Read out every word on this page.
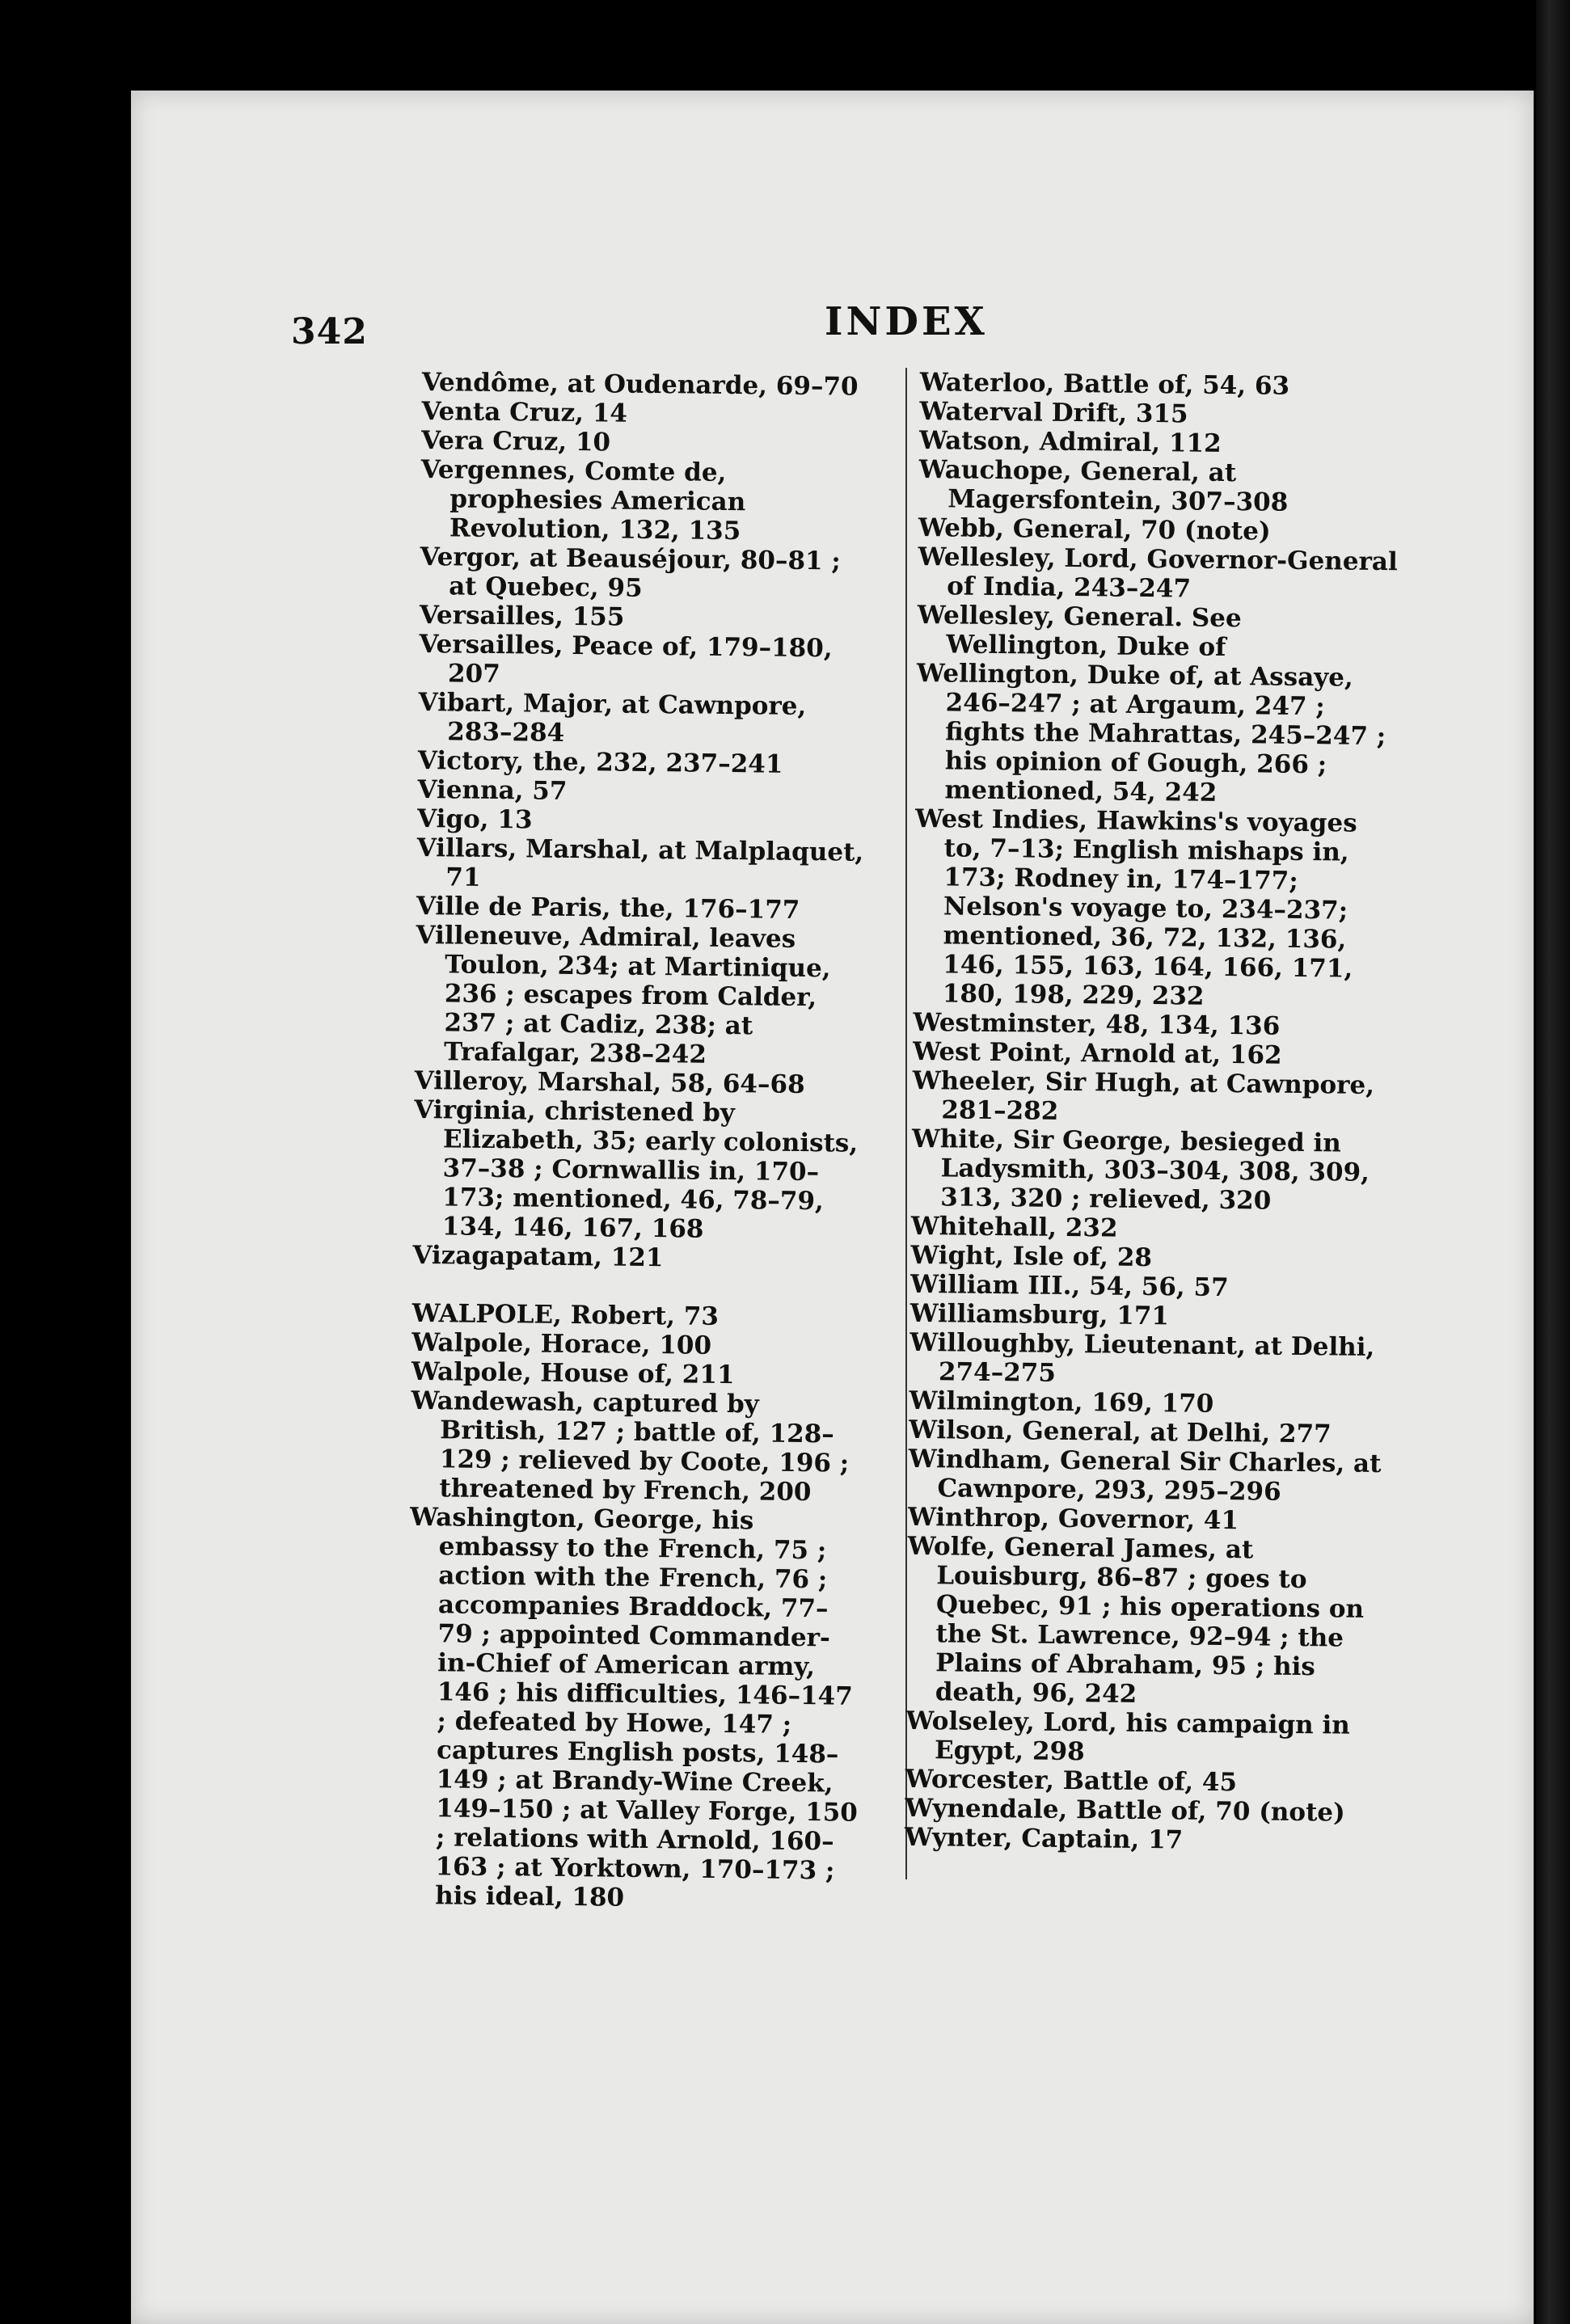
342	INDEX
Vendôme, at Oudenarde, 69–70
Venta Cruz, 14
Vera Cruz, 10
Vergennes, Comte de, prophesies American Revolution, 132, 135
Vergor, at Beauséjour, 80–81 ; at Quebec, 95
Versailles, 155
Versailles, Peace of, 179–180, 207
Vibart, Major, at Cawnpore, 283–284
Victory, the, 232, 237–241
Vienna, 57
Vigo, 13
Villars, Marshal, at Malplaquet, 71
Ville de Paris, the, 176–177
Villeneuve, Admiral, leaves Toulon, 234; at Martinique, 236 ; escapes from Calder, 237 ; at Cadiz, 238; at Trafalgar, 238–242
Villeroy, Marshal, 58, 64–68
Virginia, christened by Elizabeth, 35; early colonists, 37–38 ; Cornwallis in, 170–173; mentioned, 46, 78–79, 134, 146, 167, 168
Vizagapatam, 121
WALPOLE, Robert, 73
Walpole, Horace, 100
Walpole, House of, 211
Wandewash, captured by British, 127 ; battle of, 128–129 ; relieved by Coote, 196 ; threatened by French, 200
Washington, George, his embassy to the French, 75 ; action with the French, 76 ; accompanies Braddock, 77–79 ; appointed Commander-in-Chief of American army, 146 ; his difficulties, 146–147 ; defeated by Howe, 147 ; captures English posts, 148–149 ; at Brandy-Wine Creek, 149–150 ; at Valley Forge, 150 ; relations with Arnold, 160–163 ; at Yorktown, 170–173 ; his ideal, 180
Waterloo, Battle of, 54, 63
Waterval Drift, 315
Watson, Admiral, 112
Wauchope, General, at Magersfontein, 307–308
Webb, General, 70 (note)
Wellesley, Lord, Governor-General of India, 243–247
Wellesley, General. See Wellington, Duke of
Wellington, Duke of, at Assaye, 246–247 ; at Argaum, 247 ; fights the Mahrattas, 245–247 ; his opinion of Gough, 266 ; mentioned, 54, 242
West Indies, Hawkins's voyages to, 7–13; English mishaps in, 173; Rodney in, 174–177; Nelson's voyage to, 234–237; mentioned, 36, 72, 132, 136, 146, 155, 163, 164, 166, 171, 180, 198, 229, 232
Westminster, 48, 134, 136
West Point, Arnold at, 162
Wheeler, Sir Hugh, at Cawnpore, 281–282
White, Sir George, besieged in Ladysmith, 303–304, 308, 309, 313, 320 ; relieved, 320
Whitehall, 232
Wight, Isle of, 28
William III., 54, 56, 57
Williamsburg, 171
Willoughby, Lieutenant, at Delhi, 274–275
Wilmington, 169, 170
Wilson, General, at Delhi, 277
Windham, General Sir Charles, at Cawnpore, 293, 295–296
Winthrop, Governor, 41
Wolfe, General James, at Louisburg, 86–87 ; goes to Quebec, 91 ; his operations on the St. Lawrence, 92–94 ; the Plains of Abraham, 95 ; his death, 96, 242
Wolseley, Lord, his campaign in Egypt, 298
Worcester, Battle of, 45
Wynendale, Battle of, 70 (note)
Wynter, Captain, 17
